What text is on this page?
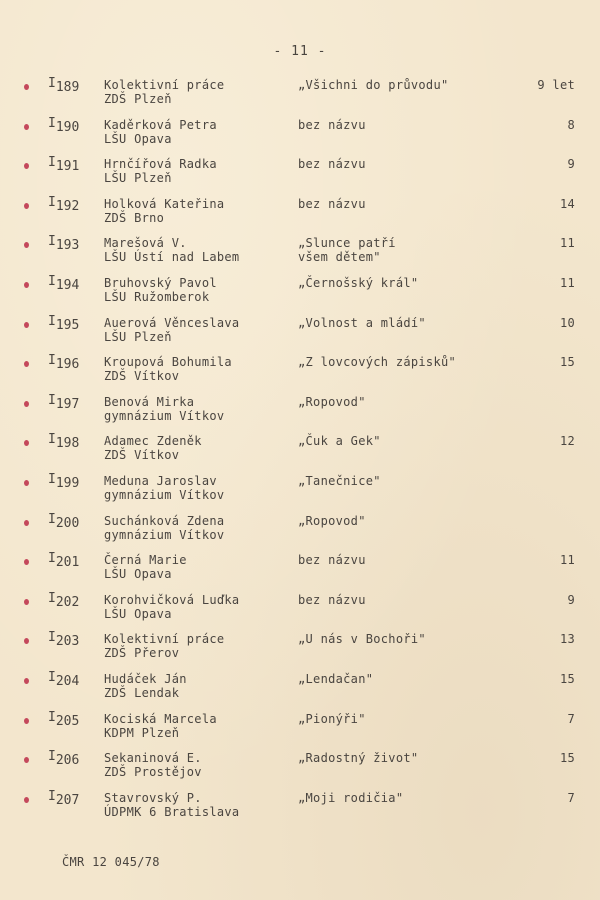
- 11 -
$I_{189}$ Kolektivní práce
ZDŠ Plzeň
„Všichni do průvodu"	9 let
$I_{190}$ Kaděrková Petra
LŠU Opava
bez názvu	8
$I_{191}$ Hrnčířová Radka
LŠU Plzeň
bez názvu	9
$I_{192}$ Holková Kateřina
ZDŠ Brno
bez názvu	14
$I_{193}$ Marešová V.
LŠU Ústí nad Labem
„Slunce patří
všem dětem"
11
$I_{194}$ Bruhovský Pavol
LŠU Ružomberok
„Černošský král"	11
$I_{195}$ Auerová Věnceslava
LŠU Plzeň
„Volnost a mládí"	10
$I_{196}$ Kroupová Bohumila
ZDŠ Vítkov
„Z lovcových zápisků"	15
$I_{197}$ Benová Mirka
gymnázium Vítkov
„Ropovod"
$I_{198}$ Adamec Zdeněk
ZDŠ Vítkov
„Čuk a Gek"	12
$I_{199}$ Meduna Jaroslav
gymnázium Vítkov
„Tanečnice"
$I_{200}$ Suchánková Zdena
gymnázium Vítkov
„Ropovod"
$I_{201}$ Černá Marie
LŠU Opava
bez názvu	11
$I_{202}$ Korohvičková Luďka
LŠU Opava
bez názvu	9
$I_{203}$ Kolektivní práce
ZDŠ Přerov
„U nás v Bochoři"	13
$I_{204}$ Hudáček Ján
ZDŠ Lendak
„Lendačan"	15
$I_{205}$ Kociská Marcela
KDPM Plzeň
„Pionýři"	7
$I_{206}$ Sekaninová E.
ZDŠ Prostějov
„Radostný život"	15
$I_{207}$ Stavrovský P.
ÚDPMK 6 Bratislava
„Moji rodičia"	7
ČMR 12 045/78
